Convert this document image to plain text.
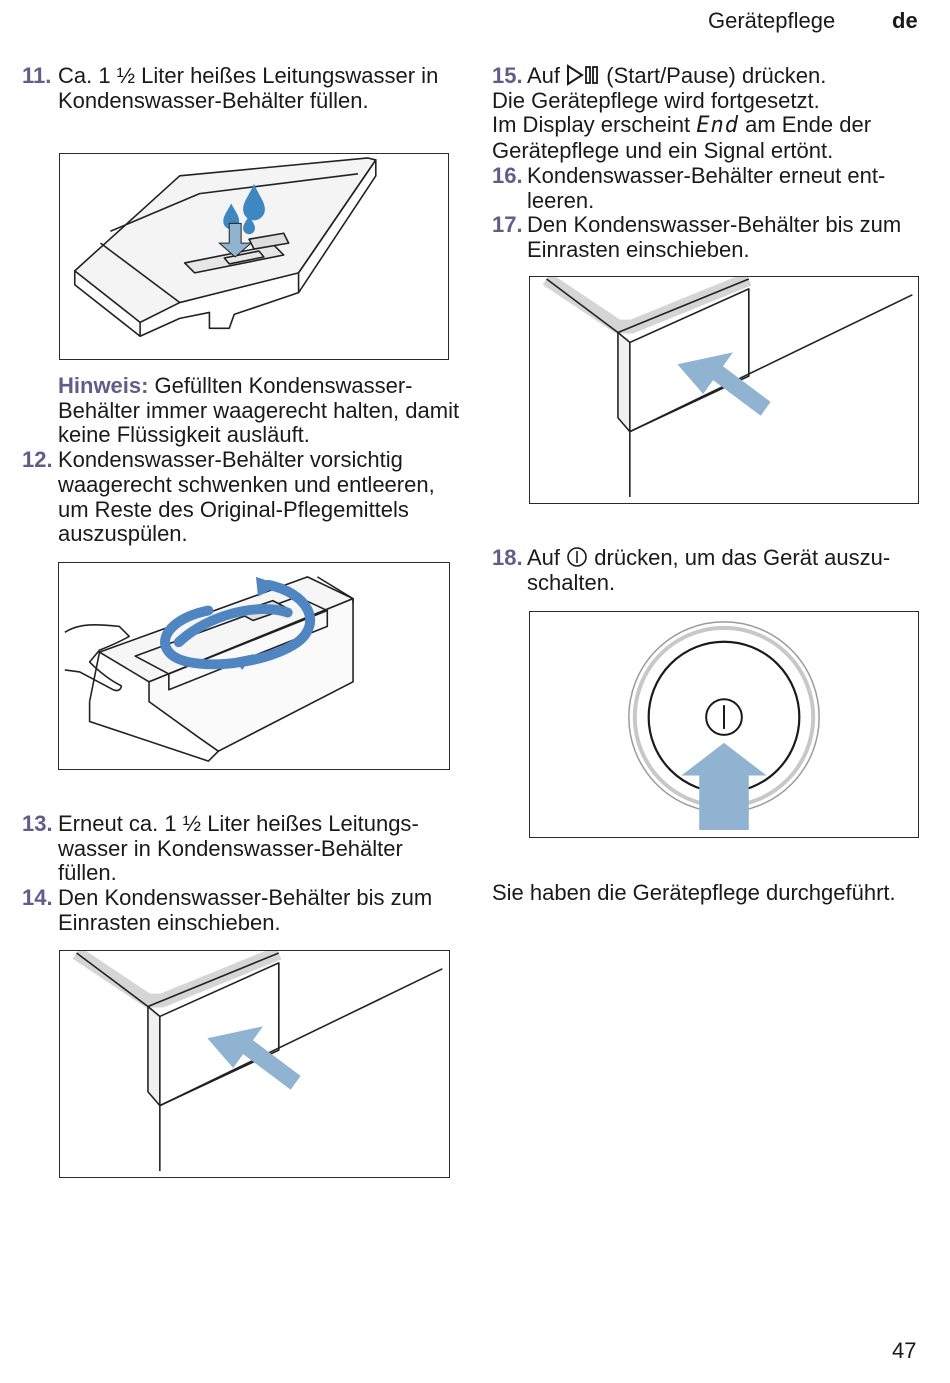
Gerätepflege	de
11. Ca. 1 ½ Liter heißes Leitungswasser in Kondenswasser-Behälter füllen.
Hinweis: Gefüllten Kondenswasser-Behälter immer waagerecht halten, damit keine Flüssigkeit ausläuft.
12. Kondenswasser-Behälter vorsichtig waagerecht schwenken und entleeren, um Reste des Original-Pflegemittels auszuspülen.
13. Erneut ca. 1 ½ Liter heißes Leitungswasser in Kondenswasser-Behälter füllen.
14. Den Kondenswasser-Behälter bis zum Einrasten einschieben.
15. Auf (Start/Pause) drücken.
Die Gerätepflege wird fortgesetzt.
Im Display erscheint End am Ende der Gerätepflege und ein Signal ertönt.
16. Kondenswasser-Behälter erneut entleeren.
17. Den Kondenswasser-Behälter bis zum Einrasten einschieben.
18. Auf drücken, um das Gerät auszuschalten.
Sie haben die Gerätepflege durchgeführt.
47
